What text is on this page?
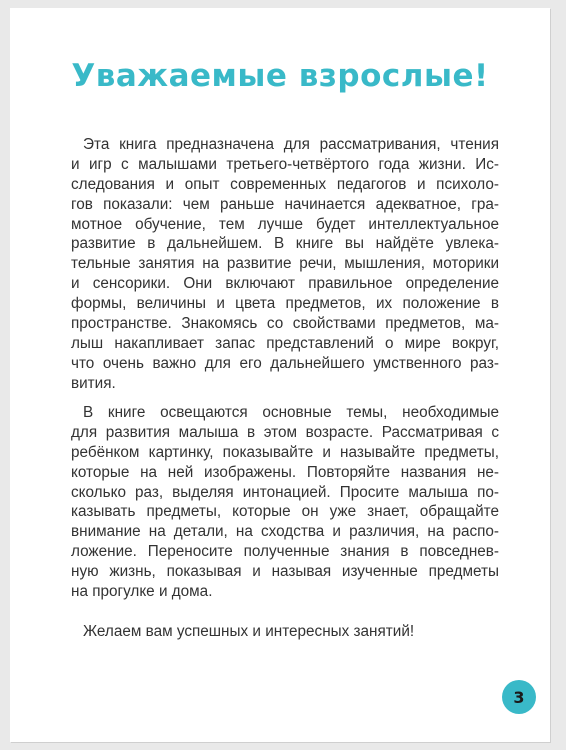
Уважаемые взрослые!
Эта книга предназначена для рассматривания, чтения
и игр с малышами третьего-четвёртого года жизни. Ис-
следования и опыт современных педагогов и психоло-
гов показали: чем раньше начинается адекватное, гра-
мотное обучение, тем лучше будет интеллектуальное
развитие в дальнейшем. В книге вы найдёте увлека-
тельные занятия на развитие речи, мышления, моторики
и сенсорики. Они включают правильное определение
формы, величины и цвета предметов, их положение в
пространстве. Знакомясь со свойствами предметов, ма-
лыш накапливает запас представлений о мире вокруг,
что очень важно для его дальнейшего умственного раз-
вития.
В книге освещаются основные темы, необходимые
для развития малыша в этом возрасте. Рассматривая с
ребёнком картинку, показывайте и называйте предметы,
которые на ней изображены. Повторяйте названия не-
сколько раз, выделяя интонацией. Просите малыша по-
казывать предметы, которые он уже знает, обращайте
внимание на детали, на сходства и различия, на распо-
ложение. Переносите полученные знания в повседнев-
ную жизнь, показывая и называя изученные предметы
на прогулке и дома.
Желаем вам успешных и интересных занятий!
3
